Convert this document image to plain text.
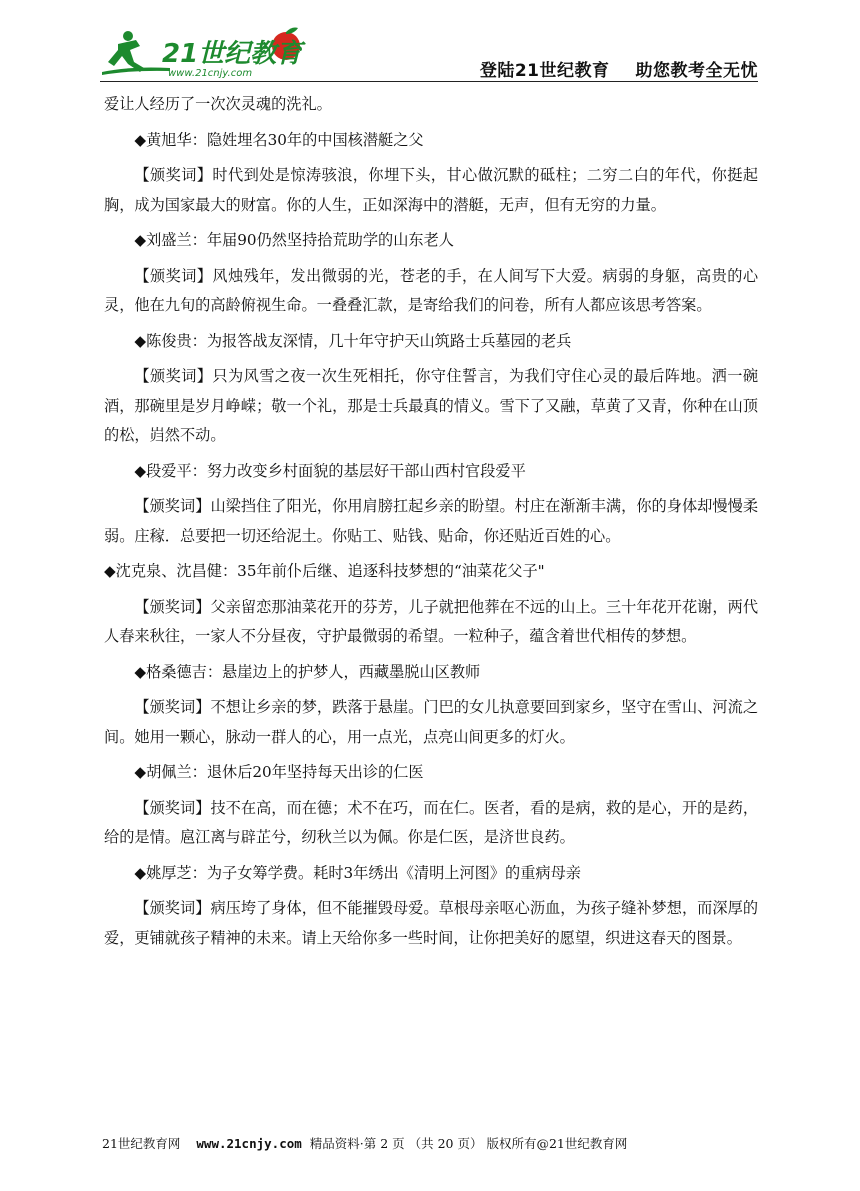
21世纪教育
www.21cnjy.com	登陆21世纪教育 助您教考全无忧

爱让人经历了一次次灵魂的洗礼。

◆黄旭华：隐姓埋名30年的中国核潜艇之父

【颁奖词】时代到处是惊涛骇浪，你埋下头，甘心做沉默的砥柱；二穷二白的年代，你挺起胸，成为国家最大的财富。你的人生，正如深海中的潜艇，无声，但有无穷的力量。

◆刘盛兰：年届90仍然坚持拾荒助学的山东老人

【颁奖词】风烛残年，发出微弱的光，苍老的手，在人间写下大爱。病弱的身躯，高贵的心灵，他在九旬的高龄俯视生命。一叠叠汇款，是寄给我们的问卷，所有人都应该思考答案。

◆陈俊贵：为报答战友深情，几十年守护天山筑路士兵墓园的老兵

【颁奖词】只为风雪之夜一次生死相托，你守住誓言，为我们守住心灵的最后阵地。洒一碗酒，那碗里是岁月峥嵘；敬一个礼，那是士兵最真的情义。雪下了又融，草黄了又青，你种在山顶的松，岿然不动。

◆段爱平：努力改变乡村面貌的基层好干部山西村官段爱平

【颁奖词】山梁挡住了阳光，你用肩膀扛起乡亲的盼望。村庄在渐渐丰满，你的身体却慢慢柔弱。庄稼．总要把一切还给泥土。你贴工、贴钱、贴命，你还贴近百姓的心。

◆沈克泉、沈昌健：35年前仆后继、追逐科技梦想的“油菜花父子"

【颁奖词】父亲留恋那油菜花开的芬芳，儿子就把他葬在不远的山上。三十年花开花谢，两代人春来秋往，一家人不分昼夜，守护最微弱的希望。一粒种子，蕴含着世代相传的梦想。

◆格桑德吉：悬崖边上的护梦人，西藏墨脱山区教师

【颁奖词】不想让乡亲的梦，跌落于悬崖。门巴的女儿执意要回到家乡，坚守在雪山、河流之间。她用一颗心，脉动一群人的心，用一点光，点亮山间更多的灯火。

◆胡佩兰：退休后20年坚持每天出诊的仁医

【颁奖词】技不在高，而在德；术不在巧，而在仁。医者，看的是病，救的是心，开的是药，给的是情。扈江离与辟芷兮，纫秋兰以为佩。你是仁医，是济世良药。

◆姚厚芝：为子女筹学费。耗时3年绣出《清明上河图》的重病母亲

【颁奖词】病压垮了身体，但不能摧毁母爱。草根母亲呕心沥血，为孩子缝补梦想，而深厚的爱，更铺就孩子精神的未来。请上天给你多一些时间，让你把美好的愿望，织进这春天的图景。

21世纪教育网 www.21cnjy.com 精品资料·第 2 页 （共 20 页） 版权所有@21世纪教育网
